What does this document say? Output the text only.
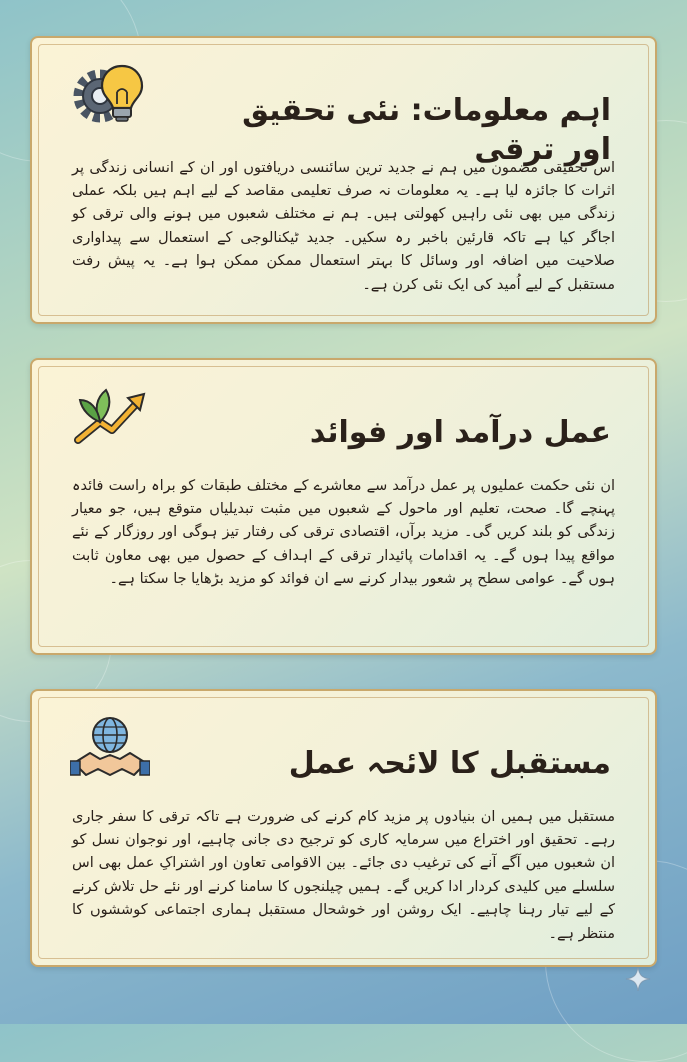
اہم معلومات: نئی تحقیق اور ترقی

اس تحقیقی مضمون میں ہم نے جدید ترین سائنسی دریافتوں اور ان کے انسانی زندگی پر اثرات کا جائزہ لیا ہے۔ یہ معلومات نہ صرف تعلیمی مقاصد کے لیے اہم ہیں بلکہ عملی زندگی میں بھی نئی راہیں کھولتی ہیں۔ ہم نے مختلف شعبوں میں ہونے والی ترقی کو اجاگر کیا ہے تاکہ قارئین باخبر رہ سکیں۔ جدید ٹیکنالوجی کے استعمال سے پیداواری صلاحیت میں اضافہ اور وسائل کا بہتر استعمال ممکن ممکن ہوا ہے۔ یہ پیش رفت مستقبل کے لیے اُمید کی ایک نئی کرن ہے۔

عمل درآمد اور فوائد

ان نئی حکمت عملیوں پر عمل درآمد سے معاشرے کے مختلف طبقات کو براہ راست فائدہ پہنچے گا۔ صحت، تعلیم اور ماحول کے شعبوں میں مثبت تبدیلیاں متوقع ہیں، جو معیار زندگی کو بلند کریں گی۔ مزید برآں، اقتصادی ترقی کی رفتار تیز ہوگی اور روزگار کے نئے مواقع پیدا ہوں گے۔ یہ اقدامات پائیدار ترقی کے اہداف کے حصول میں بھی معاون ثابت ہوں گے۔ عوامی سطح پر شعور بیدار کرنے سے ان فوائد کو مزید بڑھایا جا سکتا ہے۔

مستقبل کا لائحہ عمل

مستقبل میں ہمیں ان بنیادوں پر مزید کام کرنے کی ضرورت ہے تاکہ ترقی کا سفر جاری رہے۔ تحقیق اور اختراع میں سرمایہ کاری کو ترجیح دی جانی چاہیے، اور نوجوان نسل کو ان شعبوں میں آگے آنے کی ترغیب دی جائے۔ بین الاقوامی تعاون اور اشتراکِ عمل بھی اس سلسلے میں کلیدی کردار ادا کریں گے۔ ہمیں چیلنجوں کا سامنا کرنے اور نئے حل تلاش کرنے کے لیے تیار رہنا چاہیے۔ ایک روشن اور خوشحال مستقبل ہماری اجتماعی کوششوں کا منتظر ہے۔
